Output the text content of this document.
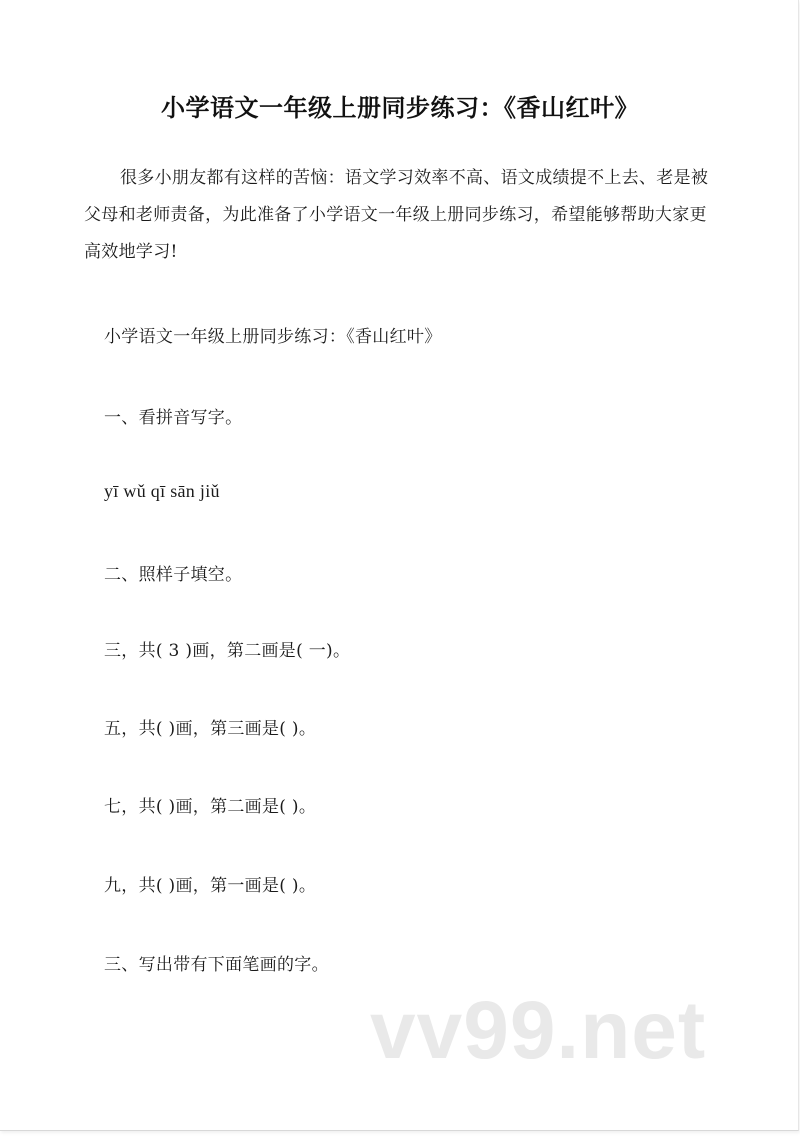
小学语文一年级上册同步练习：《香山红叶》

很多小朋友都有这样的苦恼：语文学习效率不高、语文成绩提不上去、老是被父母和老师责备，为此准备了小学语文一年级上册同步练习，希望能够帮助大家更高效地学习!

小学语文一年级上册同步练习：《香山红叶》

一、看拼音写字。

yī wǔ qī sān jiǔ

二、照样子填空。

三，共( 3 )画，第二画是( 一)。

五，共( )画，第三画是( )。

七，共( )画，第二画是( )。

九，共( )画，第一画是( )。

三、写出带有下面笔画的字。

vv99.net
